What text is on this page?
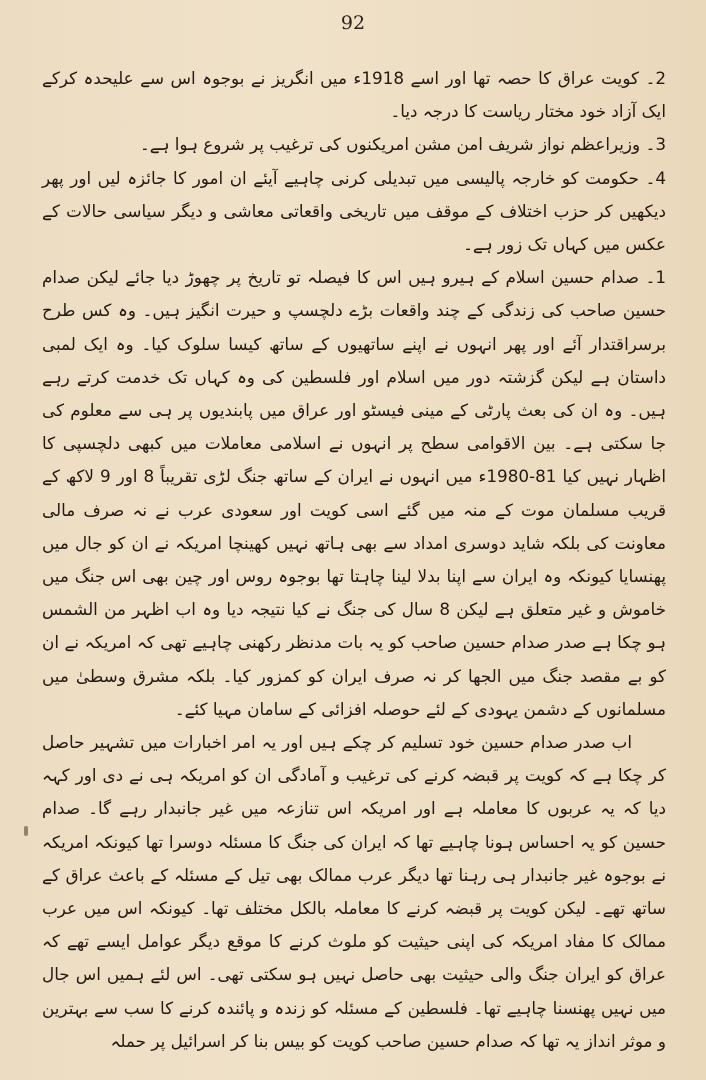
92

2۔ کویت عراق کا حصہ تھا اور اسے 1918ء میں انگریز نے بوجوہ اس سے علیحدہ کرکے ایک آزاد خود مختار ریاست کا درجہ دیا۔

3۔ وزیراعظم نواز شریف امن مشن امریکنوں کی ترغیب پر شروع ہوا ہے۔

4۔ حکومت کو خارجہ پالیسی میں تبدیلی کرنی چاہیے آیئے ان امور کا جائزہ لیں اور پھر دیکھیں کر حزب اختلاف کے موقف میں تاریخی واقعاتی معاشی و دیگر سیاسی حالات کے عکس میں کہاں تک زور ہے۔

1۔ صدام حسین اسلام کے ہیرو ہیں اس کا فیصلہ تو تاریخ پر چھوڑ دیا جائے لیکن صدام حسین صاحب کی زندگی کے چند واقعات بڑے دلچسپ و حیرت انگیز ہیں۔ وہ کس طرح برسراقتدار آئے اور پھر انہوں نے اپنے ساتھیوں کے ساتھ کیسا سلوک کیا۔ وہ ایک لمبی داستان ہے لیکن گزشتہ دور میں اسلام اور فلسطین کی وہ کہاں تک خدمت کرتے رہے ہیں۔ وہ ان کی بعث پارٹی کے مینی فیسٹو اور عراق میں پابندیوں پر ہی سے معلوم کی جا سکتی ہے۔ بین الاقوامی سطح پر انہوں نے اسلامی معاملات میں کبھی دلچسپی کا اظہار نہیں کیا 81-1980ء میں انہوں نے ایران کے ساتھ جنگ لڑی تقریباً 8 اور 9 لاکھ کے قریب مسلمان موت کے منہ میں گئے اسی کویت اور سعودی عرب نے نہ صرف مالی معاونت کی بلکہ شاید دوسری امداد سے بھی ہاتھ نہیں کھینچا امریکہ نے ان کو جال میں پھنسایا کیونکہ وہ ایران سے اپنا بدلا لینا چاہتا تھا بوجوہ روس اور چین بھی اس جنگ میں خاموش و غیر متعلق ہے لیکن 8 سال کی جنگ نے کیا نتیجہ دیا وہ اب اظہر من الشمس ہو چکا ہے صدر صدام حسین صاحب کو یہ بات مدنظر رکھنی چاہیے تھی کہ امریکہ نے ان کو بے مقصد جنگ میں الجھا کر نہ صرف ایران کو کمزور کیا۔ بلکہ مشرق وسطیٰ میں مسلمانوں کے دشمن یہودی کے لئے حوصلہ افزائی کے سامان مہیا کئے۔

اب صدر صدام حسین خود تسلیم کر چکے ہیں اور یہ امر اخبارات میں تشہیر حاصل کر چکا ہے کہ کویت پر قبضہ کرنے کی ترغیب و آمادگی ان کو امریکہ ہی نے دی اور کہہ دیا کہ یہ عربوں کا معاملہ ہے اور امریکہ اس تنازعہ میں غیر جانبدار رہے گا۔ صدام حسین کو یہ احساس ہونا چاہیے تھا کہ ایران کی جنگ کا مسئلہ دوسرا تھا کیونکہ امریکہ نے بوجوہ غیر جانبدار ہی رہنا تھا دیگر عرب ممالک بھی تیل کے مسئلہ کے باعث عراق کے ساتھ تھے۔ لیکن کویت پر قبضہ کرنے کا معاملہ بالکل مختلف تھا۔ کیونکہ اس میں عرب ممالک کا مفاد امریکہ کی اپنی حیثیت کو ملوث کرنے کا موقع دیگر عوامل ایسے تھے کہ عراق کو ایران جنگ والی حیثیت بھی حاصل نہیں ہو سکتی تھی۔ اس لئے ہمیں اس جال میں نہیں پھنسنا چاہیے تھا۔ فلسطین کے مسئلہ کو زندہ و پائندہ کرنے کا سب سے بہترین و موثر انداز یہ تھا کہ صدام حسین صاحب کویت کو بیس بنا کر اسرائیل پر حملہ
